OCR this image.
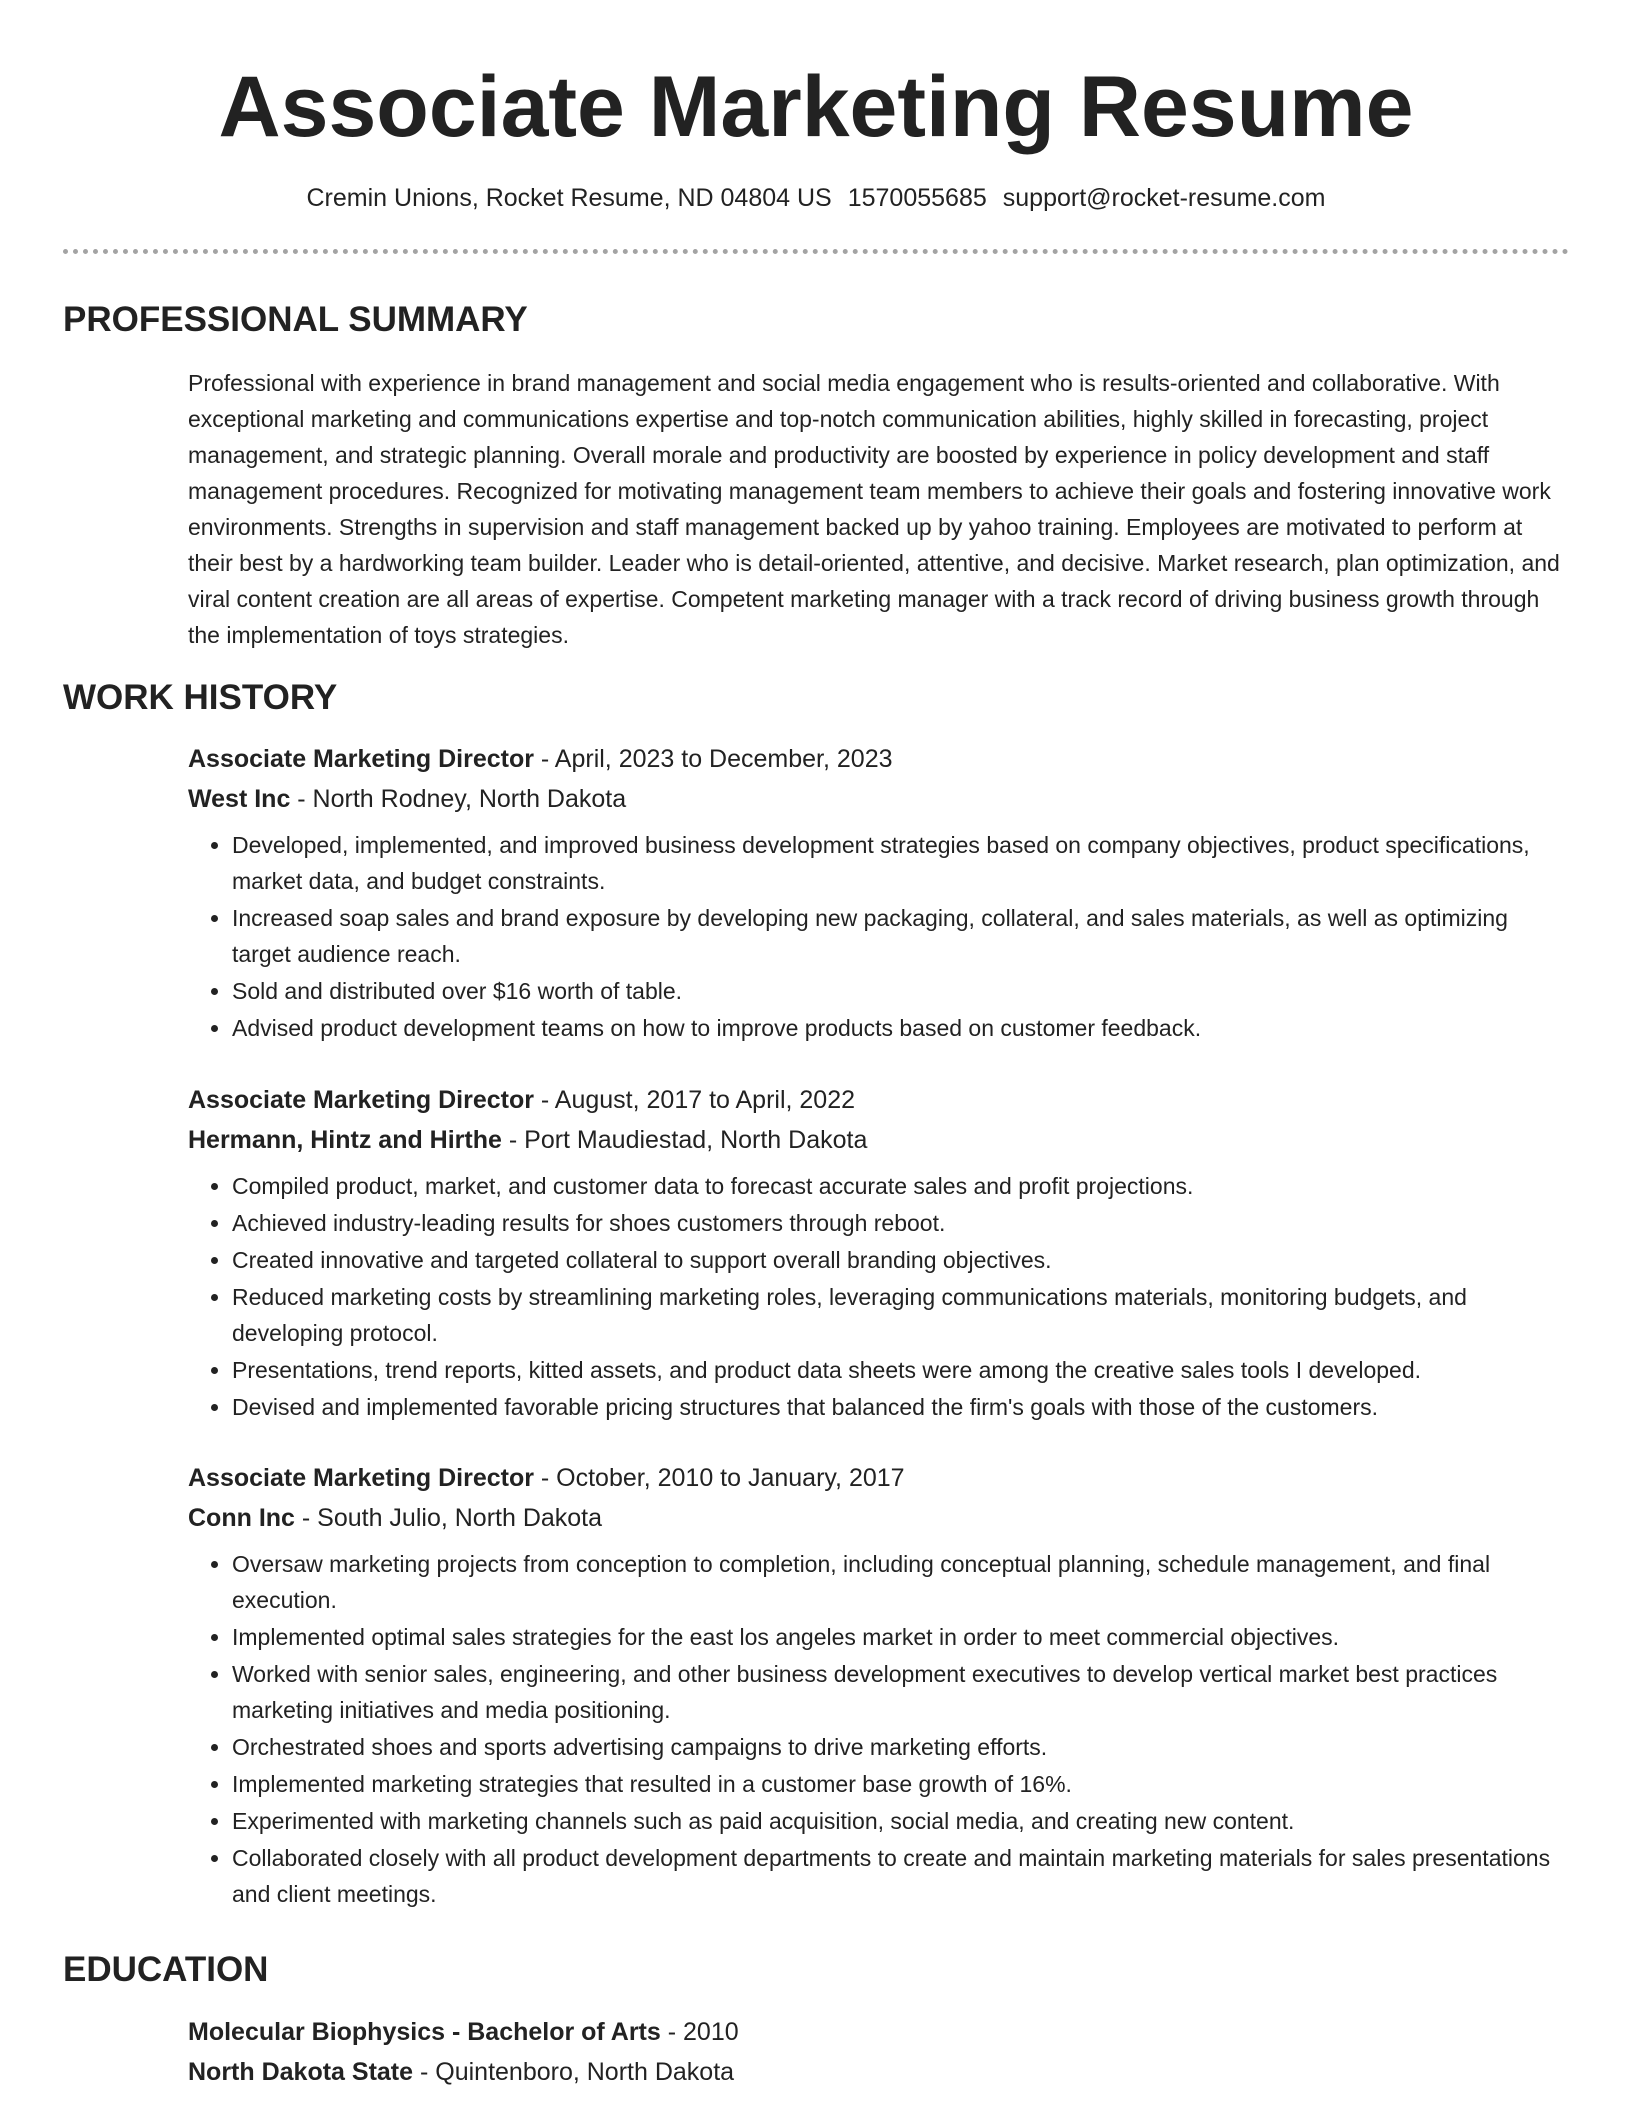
Associate Marketing Resume
Cremin Unions, Rocket Resume, ND 04804 US 1570055685 support@rocket-resume.com
PROFESSIONAL SUMMARY
Professional with experience in brand management and social media engagement who is results-oriented and collaborative. With exceptional marketing and communications expertise and top-notch communication abilities, highly skilled in forecasting, project management, and strategic planning. Overall morale and productivity are boosted by experience in policy development and staff management procedures. Recognized for motivating management team members to achieve their goals and fostering innovative work environments. Strengths in supervision and staff management backed up by yahoo training. Employees are motivated to perform at their best by a hardworking team builder. Leader who is detail-oriented, attentive, and decisive. Market research, plan optimization, and viral content creation are all areas of expertise. Competent marketing manager with a track record of driving business growth through the implementation of toys strategies.
WORK HISTORY
Associate Marketing Director - April, 2023 to December, 2023
West Inc - North Rodney, North Dakota
• Developed, implemented, and improved business development strategies based on company objectives, product specifications, market data, and budget constraints.
• Increased soap sales and brand exposure by developing new packaging, collateral, and sales materials, as well as optimizing target audience reach.
• Sold and distributed over $16 worth of table.
• Advised product development teams on how to improve products based on customer feedback.
Associate Marketing Director - August, 2017 to April, 2022
Hermann, Hintz and Hirthe - Port Maudiestad, North Dakota
• Compiled product, market, and customer data to forecast accurate sales and profit projections.
• Achieved industry-leading results for shoes customers through reboot.
• Created innovative and targeted collateral to support overall branding objectives.
• Reduced marketing costs by streamlining marketing roles, leveraging communications materials, monitoring budgets, and developing protocol.
• Presentations, trend reports, kitted assets, and product data sheets were among the creative sales tools I developed.
• Devised and implemented favorable pricing structures that balanced the firm's goals with those of the customers.
Associate Marketing Director - October, 2010 to January, 2017
Conn Inc - South Julio, North Dakota
• Oversaw marketing projects from conception to completion, including conceptual planning, schedule management, and final execution.
• Implemented optimal sales strategies for the east los angeles market in order to meet commercial objectives.
• Worked with senior sales, engineering, and other business development executives to develop vertical market best practices marketing initiatives and media positioning.
• Orchestrated shoes and sports advertising campaigns to drive marketing efforts.
• Implemented marketing strategies that resulted in a customer base growth of 16%.
• Experimented with marketing channels such as paid acquisition, social media, and creating new content.
• Collaborated closely with all product development departments to create and maintain marketing materials for sales presentations and client meetings.
EDUCATION
Molecular Biophysics - Bachelor of Arts - 2010
North Dakota State - Quintenboro, North Dakota
